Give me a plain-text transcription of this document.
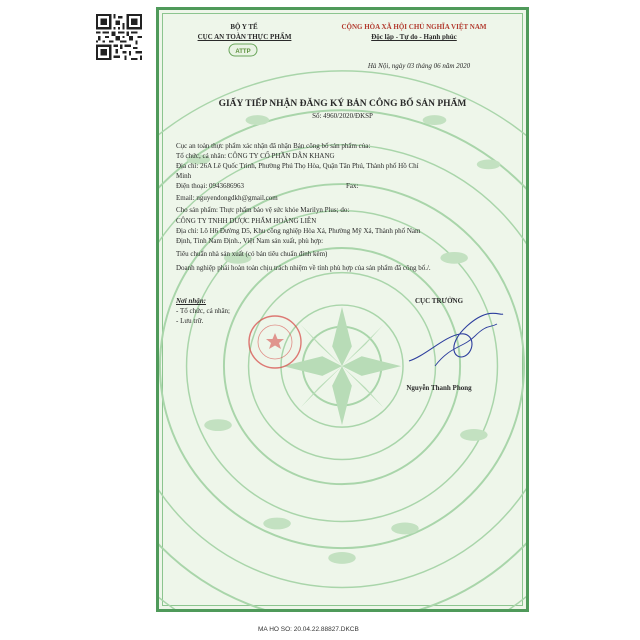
BỘ Y TẾ
CỤC AN TOÀN THỰC PHẨM
ATTP
CỘNG HÒA XÃ HỘI CHỦ NGHĨA VIỆT NAM
Độc lập - Tự do - Hạnh phúc
Hà Nội, ngày 03 tháng 06 năm 2020
GIẤY TIẾP NHẬN ĐĂNG KÝ BẢN CÔNG BỐ SẢN PHẨM
Số: 4960/2020/ĐKSP
Cục an toàn thực phẩm xác nhận đã nhận Bản công bố sản phẩm của:
Tổ chức, cá nhân: CÔNG TY CỔ PHẦN DÂN KHANG
Địa chỉ: 26A Lê Quốc Trinh, Phường Phú Thọ Hòa, Quận Tân Phú, Thành phố Hồ Chí
Minh
Điện thoại: 0943686963	Fax:
Email: nguyendongdkh@gmail.com
Cho sản phẩm: Thực phẩm bảo vệ sức khỏe Marilyn Plus; do:
CÔNG TY TNHH DƯỢC PHẨM HOÀNG LIÊN
Địa chỉ: Lô H6 Đường D5, Khu công nghiệp Hòa Xá, Phường Mỹ Xá, Thành phố Nam
Định, Tỉnh Nam Định., Việt Nam sản xuất, phù hợp:
Tiêu chuẩn nhà sản xuất (có bản tiêu chuẩn đính kèm)
Doanh nghiệp phải hoàn toàn chịu trách nhiệm về tính phù hợp của sản phẩm đã công bố./.
Nơi nhận:
- Tổ chức, cá nhân;
- Lưu trữ.
CỤC TRƯỞNG
Nguyễn Thanh Phong
MA HO SO: 20.04.22.88827.DKCB
